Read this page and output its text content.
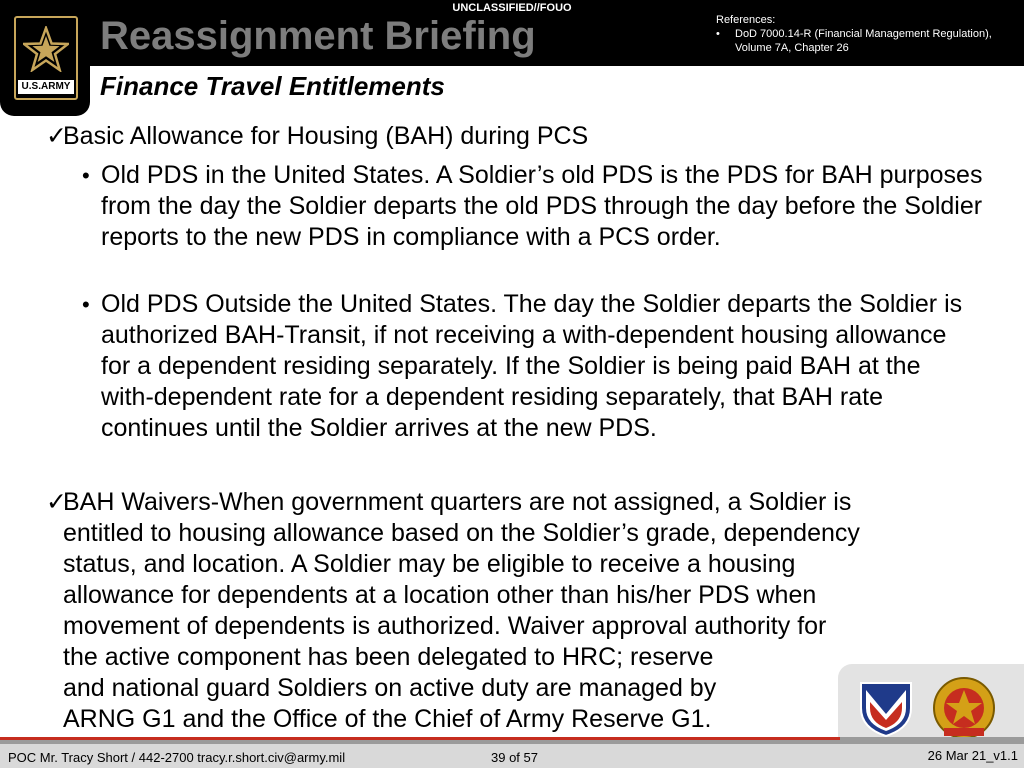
U.S.ARMY
UNCLASSIFIED//FOUO
Reassignment Briefing	References:
• DoD 7000.14-R (Financial Management Regulation),
Volume 7A, Chapter 26
Finance Travel Entitlements
✓
Basic Allowance for Housing (BAH) during PCS
• Old PDS in the United States. A Soldier’s old PDS is the PDS for BAH purposes from the day the Soldier departs the old PDS through the day before the Soldier reports to the new PDS in compliance with a PCS order.
• Old PDS Outside the United States. The day the Soldier departs the Soldier is authorized BAH-Transit, if not receiving a with-dependent housing allowance for a dependent residing separately. If the Soldier is being paid BAH at the with-dependent rate for a dependent residing separately, that BAH rate continues until the Soldier arrives at the new PDS.
✓
BAH Waivers-When government quarters are not assigned, a Soldier is
entitled to housing allowance based on the Soldier’s grade, dependency
status, and location. A Soldier may be eligible to receive a housing
allowance for dependents at a location other than his/her PDS when
movement of dependents is authorized. Waiver approval authority for
the active component has been delegated to HRC; reserve
and national guard Soldiers on active duty are managed by
ARNG G1 and the Office of the Chief of Army Reserve G1.
POC Mr. Tracy Short / 442-2700 tracy.r.short.civ@army.mil	39 of 57	26 Mar 21_v1.1
